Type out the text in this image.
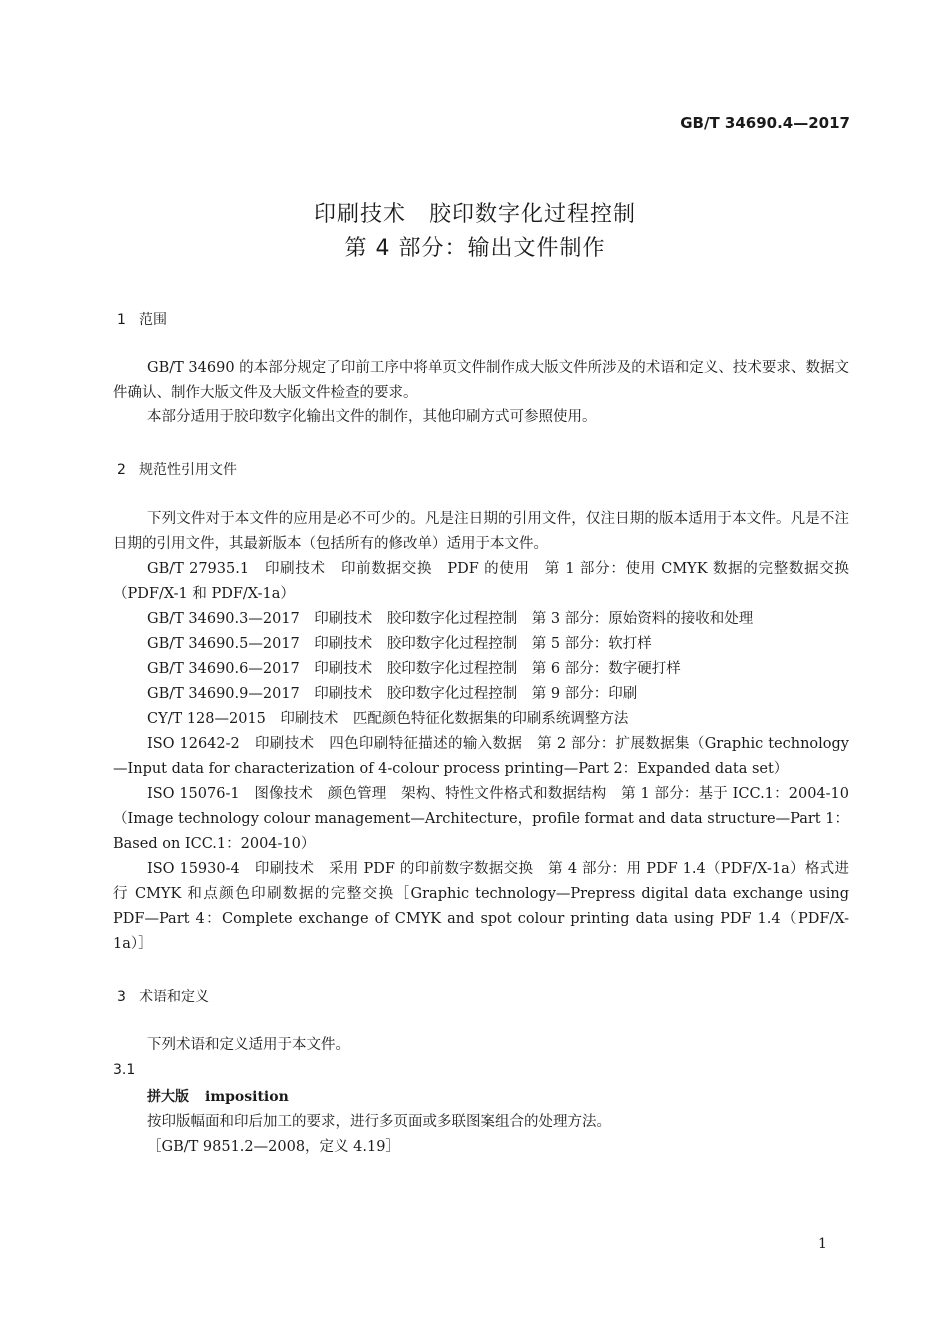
GB/T 34690.4—2017
印刷技术　胶印数字化过程控制
第 4 部分：输出文件制作
1 范围
GB/T 34690 的本部分规定了印前工序中将单页文件制作成大版文件所涉及的术语和定义、技术要求、数据文件确认、制作大版文件及大版文件检查的要求。
本部分适用于胶印数字化输出文件的制作，其他印刷方式可参照使用。
2 规范性引用文件
下列文件对于本文件的应用是必不可少的。凡是注日期的引用文件，仅注日期的版本适用于本文件。凡是不注日期的引用文件，其最新版本（包括所有的修改单）适用于本文件。
GB/T 27935.1　印刷技术　印前数据交换　PDF 的使用　第 1 部分：使用 CMYK 数据的完整数据交换（PDF/X-1 和 PDF/X-1a）
GB/T 34690.3—2017　印刷技术　胶印数字化过程控制　第 3 部分：原始资料的接收和处理
GB/T 34690.5—2017　印刷技术　胶印数字化过程控制　第 5 部分：软打样
GB/T 34690.6—2017　印刷技术　胶印数字化过程控制　第 6 部分：数字硬打样
GB/T 34690.9—2017　印刷技术　胶印数字化过程控制　第 9 部分：印刷
CY/T 128—2015　印刷技术　匹配颜色特征化数据集的印刷系统调整方法
ISO 12642-2　印刷技术　四色印刷特征描述的输入数据　第 2 部分：扩展数据集（Graphic technology—Input data for characterization of 4-colour process printing—Part 2：Expanded data set）
ISO 15076-1　图像技术　颜色管理　架构、特性文件格式和数据结构　第 1 部分：基于 ICC.1：2004-10（Image technology colour management—Architecture，profile format and data structure—Part 1：Based on ICC.1：2004-10）
ISO 15930-4　印刷技术　采用 PDF 的印前数字数据交换　第 4 部分：用 PDF 1.4（PDF/X-1a）格式进行 CMYK 和点颜色印刷数据的完整交换［Graphic technology—Prepress digital data exchange using PDF—Part 4：Complete exchange of CMYK and spot colour printing data using PDF 1.4（PDF/X-1a）］
3 术语和定义
下列术语和定义适用于本文件。
3.1
拼大版 imposition
按印版幅面和印后加工的要求，进行多页面或多联图案组合的处理方法。
［GB/T 9851.2—2008，定义 4.19］
1
